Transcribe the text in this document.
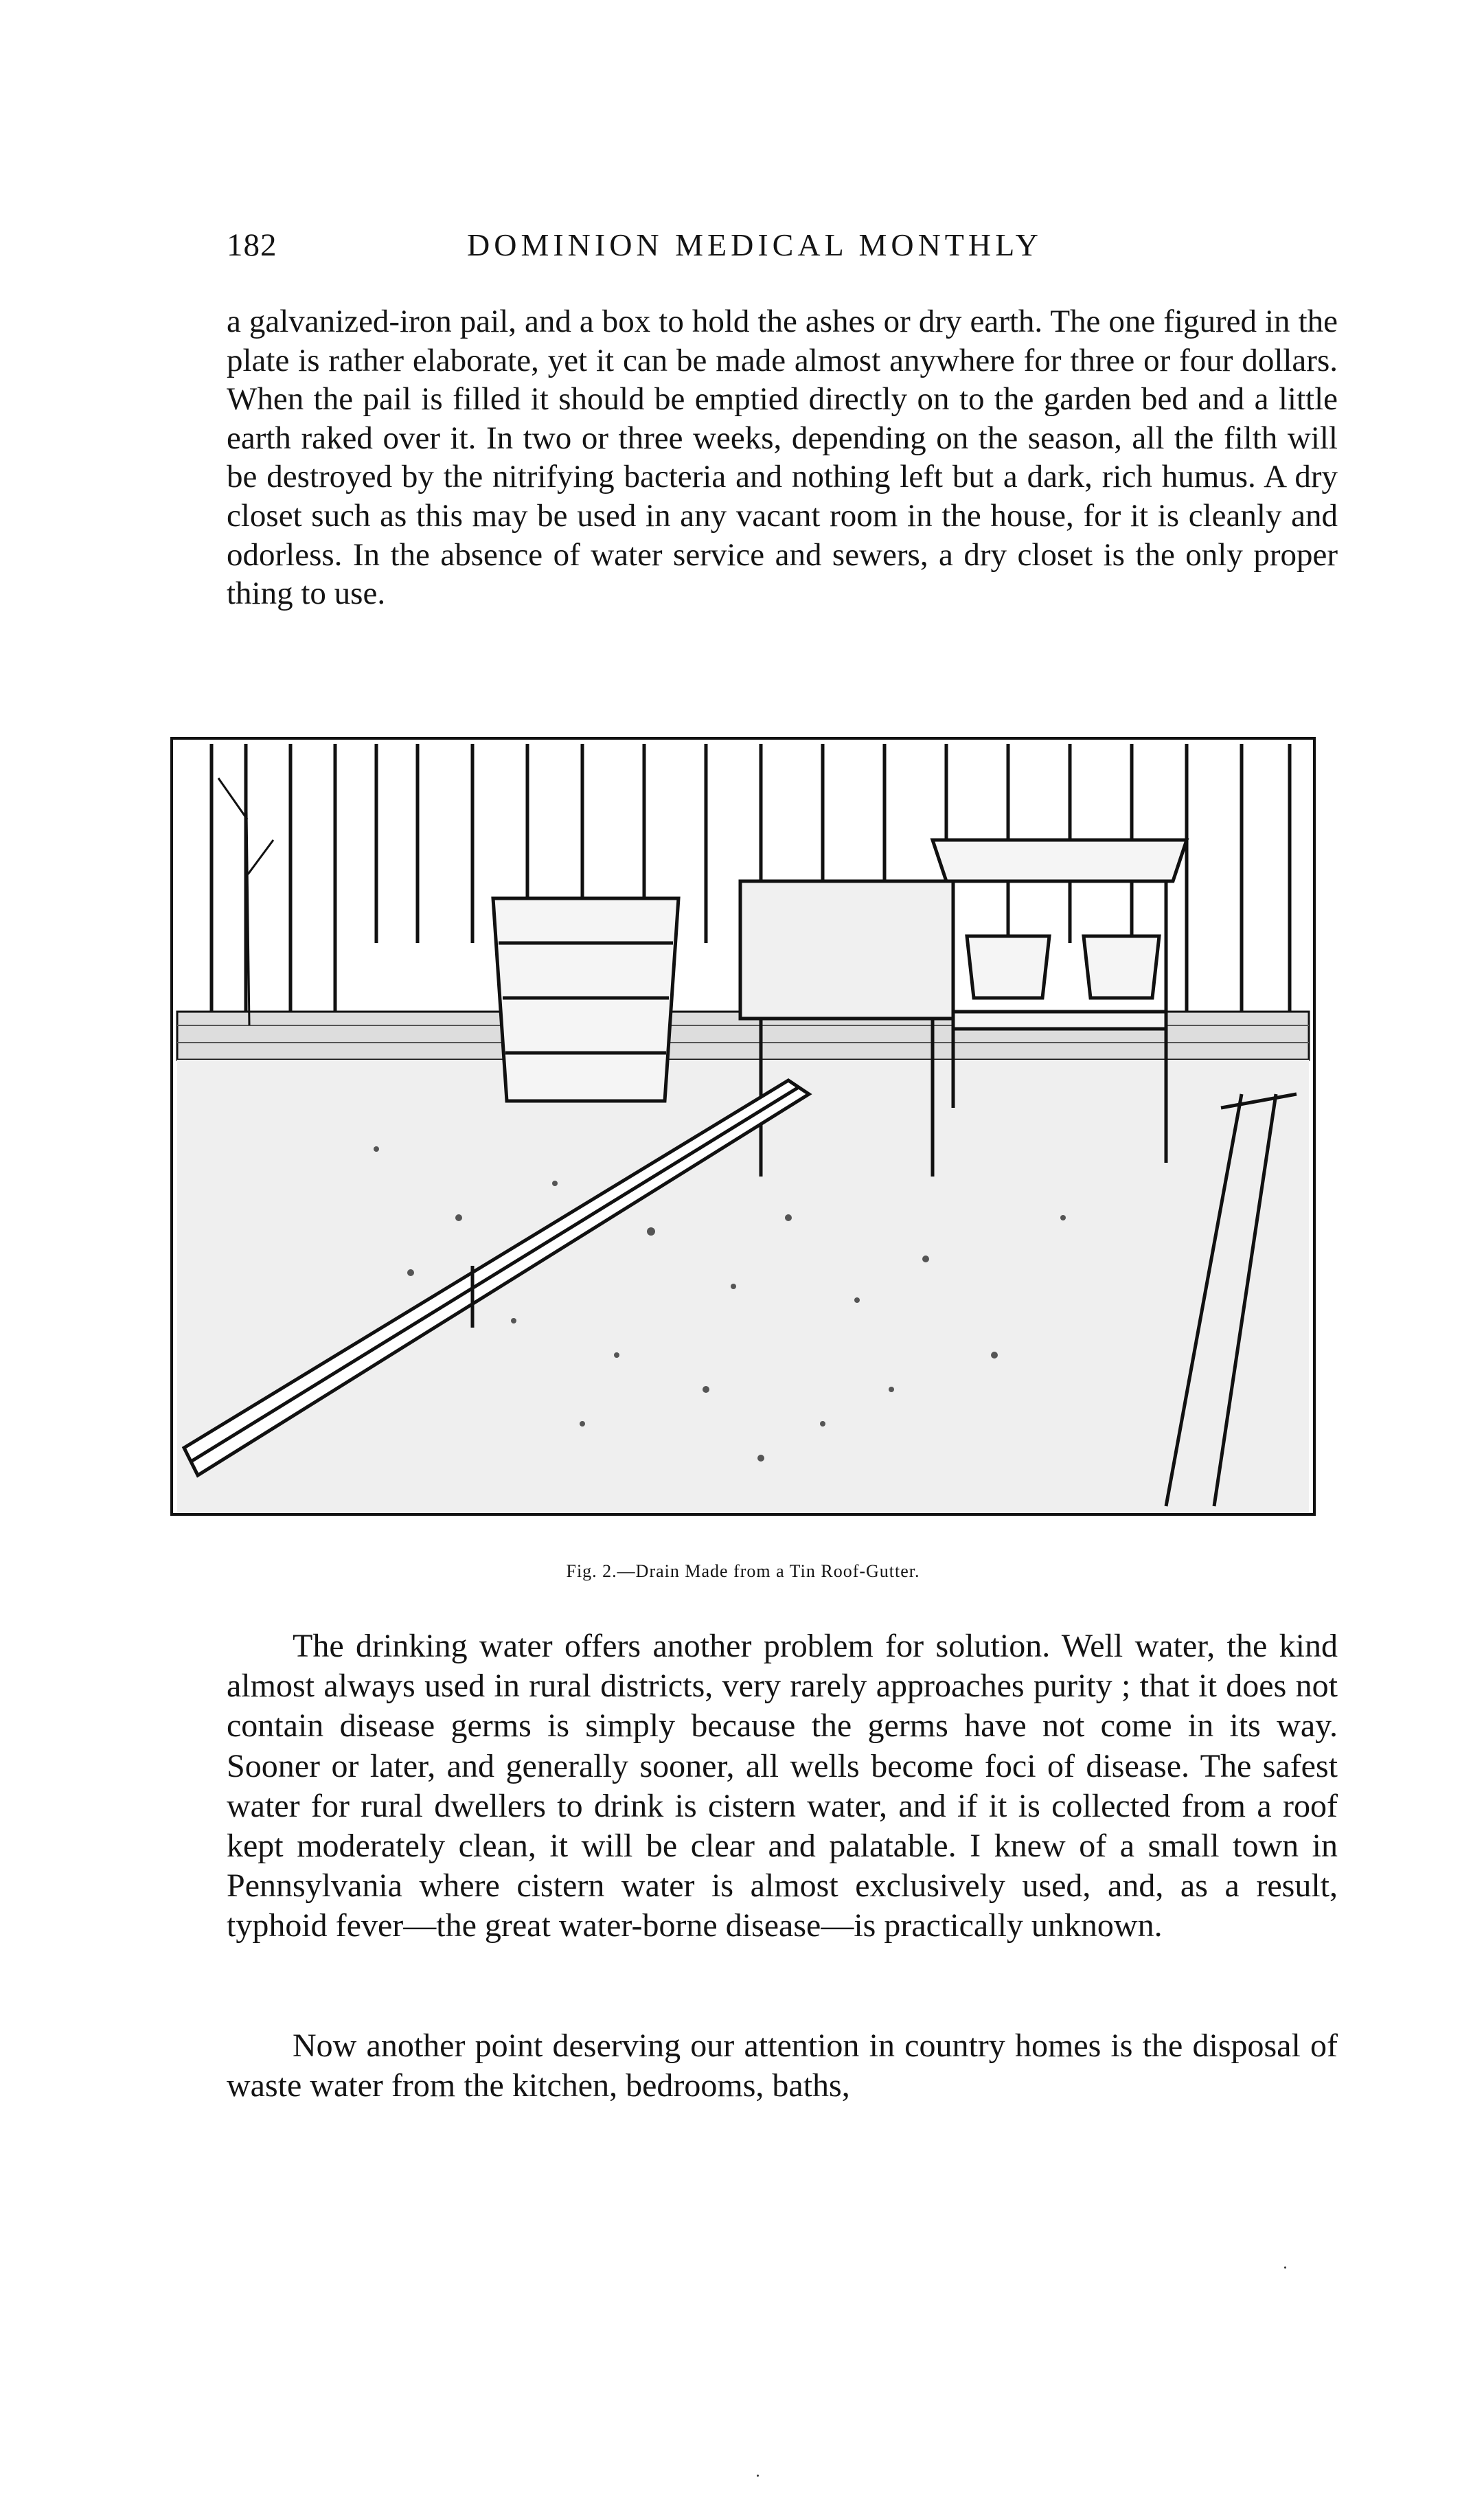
182	DOMINION MEDICAL MONTHLY

a galvanized-iron pail, and a box to hold the ashes or dry earth. The one figured in the plate is rather elaborate, yet it can be made almost anywhere for three or four dollars. When the pail is filled it should be emptied directly on to the garden bed and a little earth raked over it. In two or three weeks, depending on the season, all the filth will be destroyed by the nitrifying bacteria and nothing left but a dark, rich humus. A dry closet such as this may be used in any vacant room in the house, for it is cleanly and odorless. In the absence of water service and sewers, a dry closet is the only proper thing to use.

Fig. 2.—Drain Made from a Tin Roof-Gutter.

The drinking water offers another problem for solution. Well water, the kind almost always used in rural districts, very rarely approaches purity ; that it does not contain disease germs is simply because the germs have not come in its way. Sooner or later, and generally sooner, all wells become foci of disease. The safest water for rural dwellers to drink is cistern water, and if it is collected from a roof kept moderately clean, it will be clear and palatable. I knew of a small town in Pennsylvania where cistern water is almost exclusively used, and, as a result, typhoid fever—the great water-borne disease—is practically unknown.

Now another point deserving our attention in country homes is the disposal of waste water from the kitchen, bedrooms, baths,
